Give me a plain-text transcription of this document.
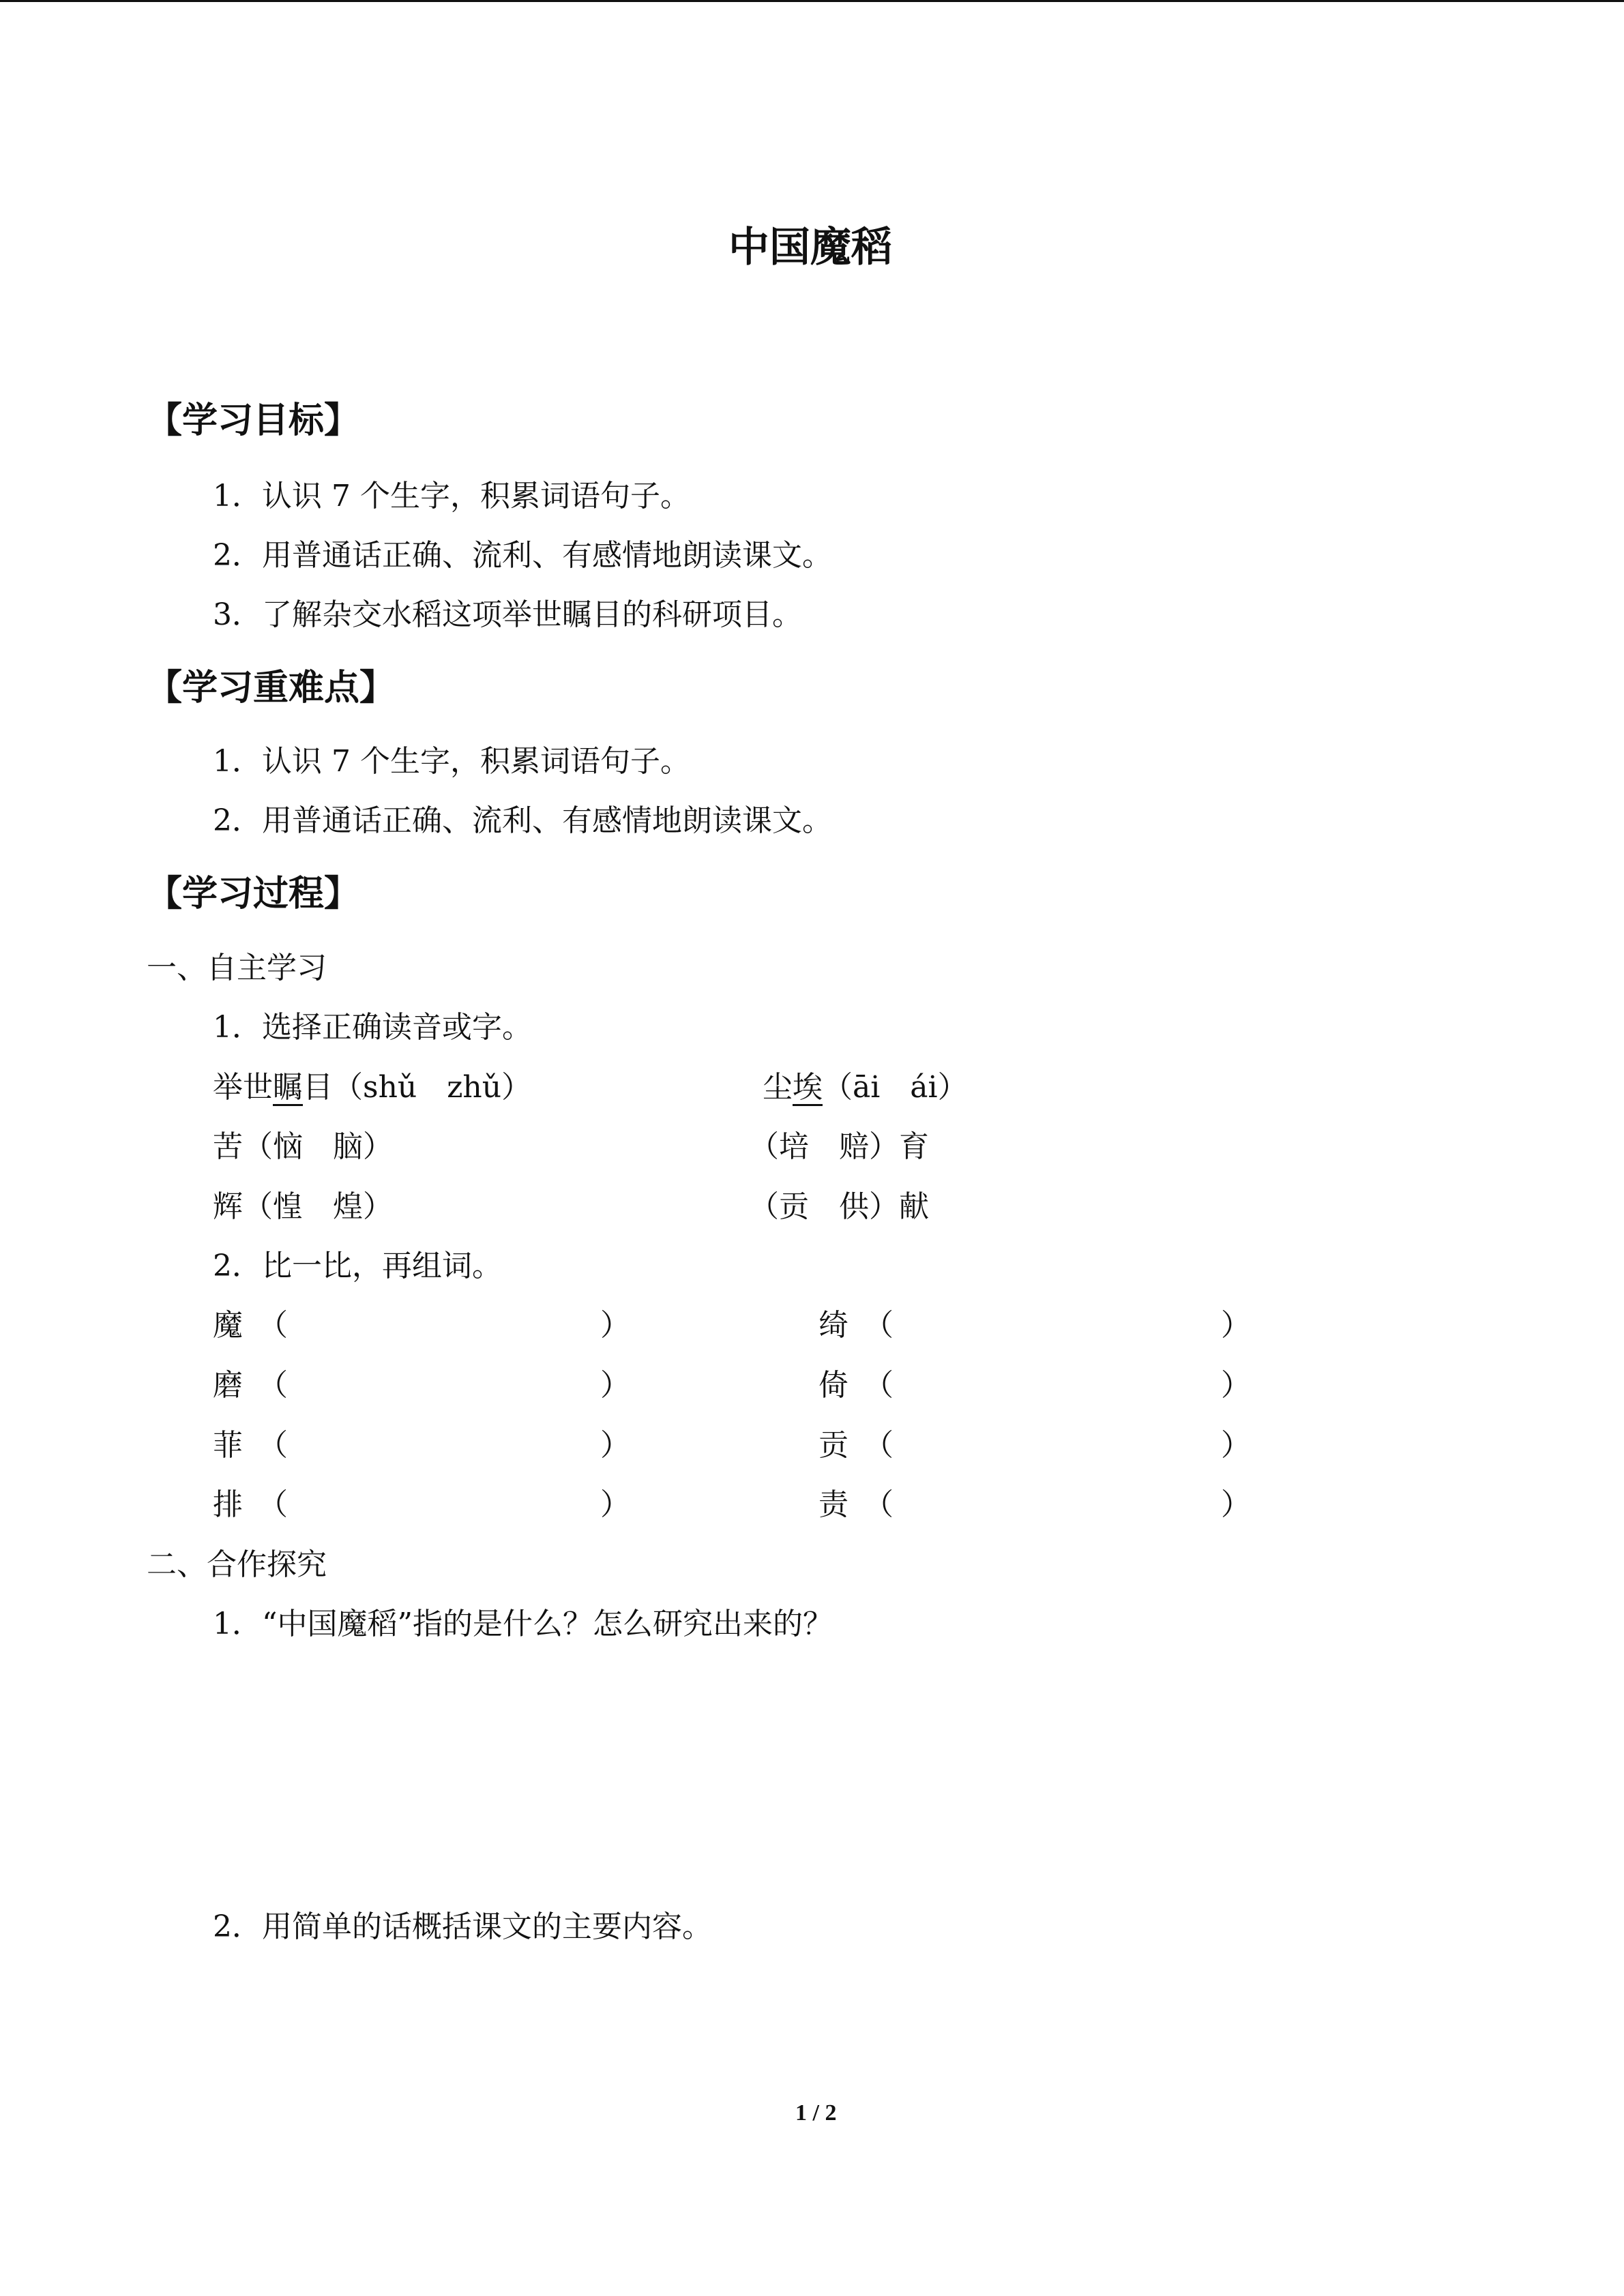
中国魔稻
【学习目标】
1．认识 7 个生字，积累词语句子。
2．用普通话正确、流利、有感情地朗读课文。
3．了解杂交水稻这项举世瞩目的科研项目。
【学习重难点】
1．认识 7 个生字，积累词语句子。
2．用普通话正确、流利、有感情地朗读课文。
【学习过程】
一、自主学习
1．选择正确读音或字。
举世瞩目（shǔ　zhǔ）	尘埃（āi　ái）
苦（恼　脑）	（培　赔）育
辉（惶　煌）	（贡　供）献
2．比一比，再组词。
魔 （	）	绮 （	）
磨 （	）	倚 （	）
菲 （	）	贡 （	）
排 （	）	责 （	）
二、合作探究
1．“中国魔稻”指的是什么？怎么研究出来的？
2．用简单的话概括课文的主要内容。
1 / 2
